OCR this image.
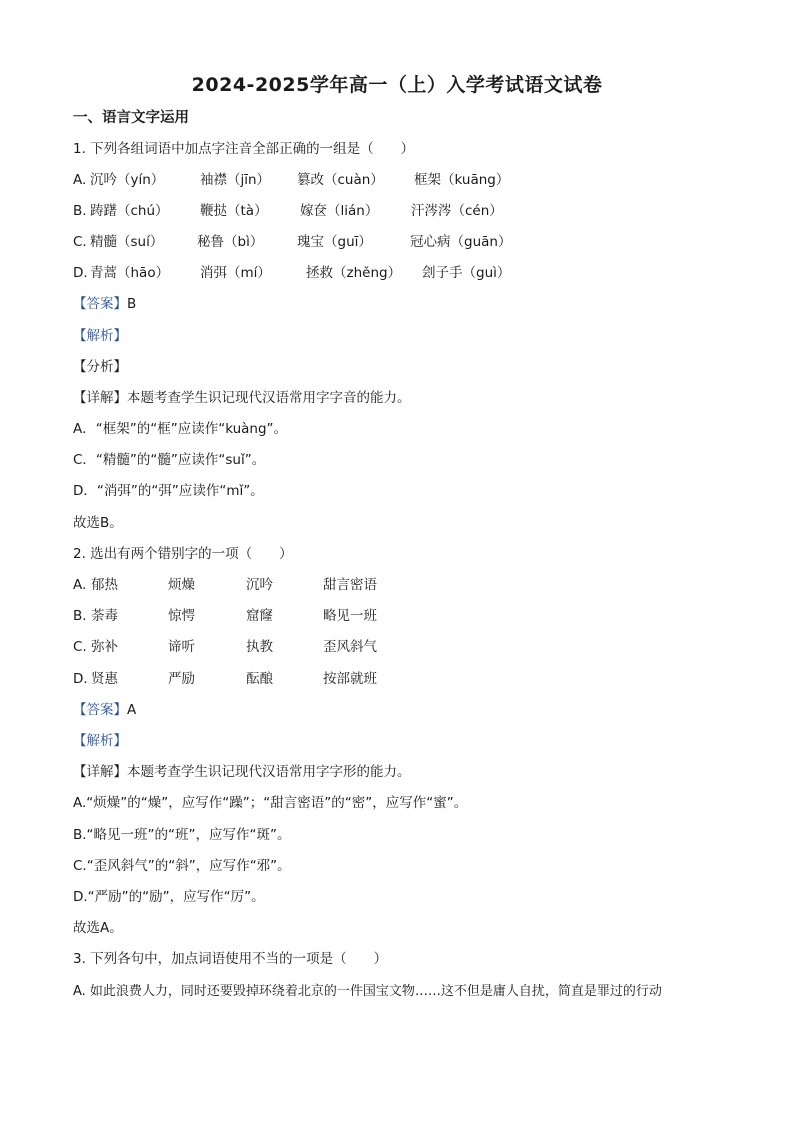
2024-2025学年高一（上）入学考试语文试卷
一、语言文字运用
1. 下列各组词语中加点字注音全部正确的一组是（　　）
A. 沉吟（yín）	袖襟（jīn） 篡改（cuàn） 框架（kuāng）
B. 踌躇（chú） 鞭挞（tà） 嫁奁（lián） 汗涔涔（cén）
C. 精髓（suí） 秘鲁（bì） 瑰宝（guī）	冠心病（guān）
D. 青蒿（hāo） 消弭（mí）	拯救（zhěng） 刽子手（guì）
【答案】B
【解析】
【分析】
【详解】本题考查学生识记现代汉语常用字字音的能力。
A．“框架”的“框”应读作“kuàng”。
C．“精髓”的“髓”应读作“suǐ”。
D．“消弭”的“弭”应读作“mǐ”。
故选B。
2. 选出有两个错别字的一项（　　）
A. 郁热	烦燥	沉吟	甜言密语
B. 荼毒	惊愕	窟窿	略见一班
C. 弥补	谛听	执教	歪风斜气
D. 贤惠	严励	酝酿	按部就班
【答案】A
【解析】
【详解】本题考查学生识记现代汉语常用字字形的能力。
A.“烦燥”的“燥”，应写作“躁”；“甜言密语”的“密”，应写作“蜜”。
B.“略见一班”的“班”，应写作“斑”。
C.“歪风斜气”的“斜”，应写作“邪”。
D.“严励”的“励”，应写作“厉”。
故选A。
3. 下列各句中，加点词语使用不当的一项是（　　）
A. 如此浪费人力，同时还要毁掉环绕着北京的一件国宝文物……这不但是庸人自扰，简直是罪过的行动
